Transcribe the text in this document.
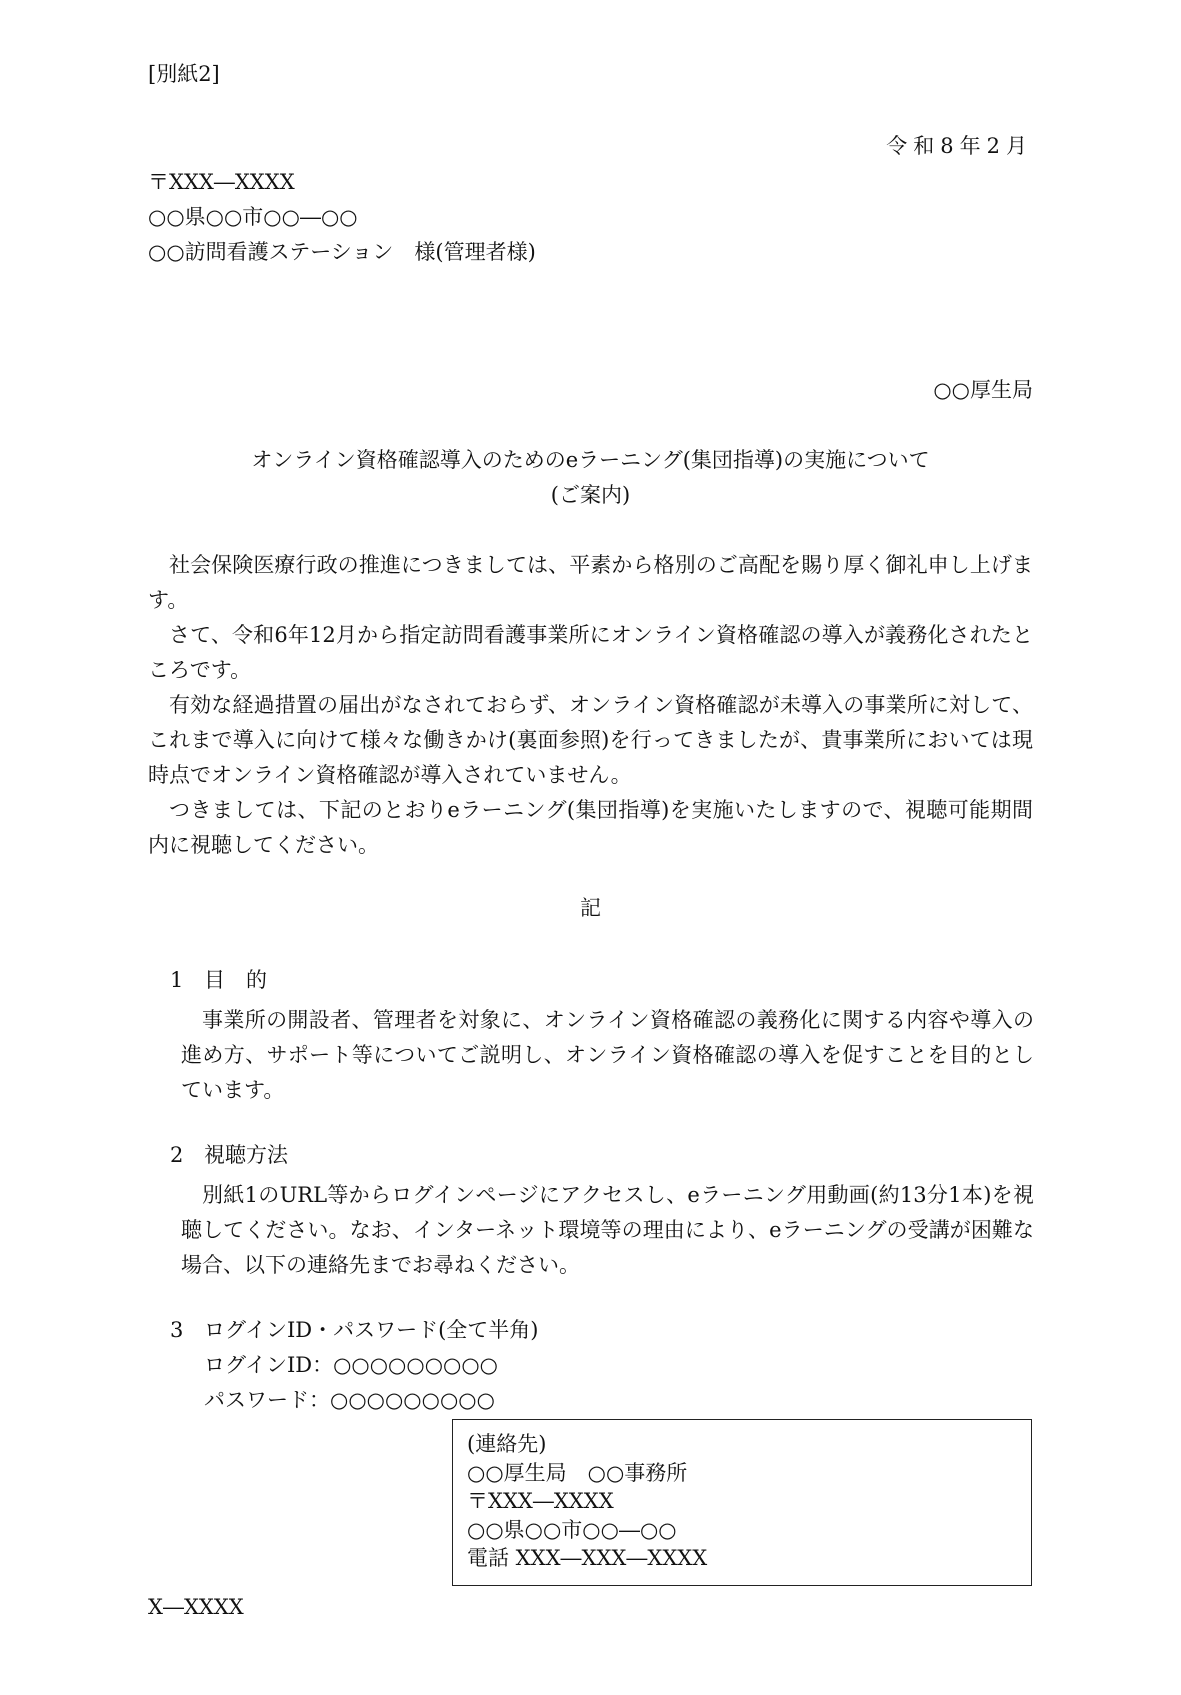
[別紙2]
令和8年2月
〒XXX―XXXX
○○県○○市○○―○○
○○訪問看護ステーション　様(管理者様)
○○厚生局
オンライン資格確認導入のためのeラーニング(集団指導)の実施について
(ご案内)

社会保険医療行政の推進につきましては、平素から格別のご高配を賜り厚く御礼申し上げます。

さて、令和6年12月から指定訪問看護事業所にオンライン資格確認の導入が義務化されたところです。

有効な経過措置の届出がなされておらず、オンライン資格確認が未導入の事業所に対して、これまで導入に向けて様々な働きかけ(裏面参照)を行ってきましたが、貴事業所においては現時点でオンライン資格確認が導入されていません。

つきましては、下記のとおりeラーニング(集団指導)を実施いたしますので、視聴可能期間内に視聴してください。

記
1 目　的

事業所の開設者、管理者を対象に、オンライン資格確認の義務化に関する内容や導入の進め方、サポート等についてご説明し、オンライン資格確認の導入を促すことを目的としています。

2 視聴方法

別紙1のURL等からログインページにアクセスし、eラーニング用動画(約13分1本)を視聴してください。なお、インターネット環境等の理由により、eラーニングの受講が困難な場合、以下の連絡先までお尋ねください。

3 ログインID・パスワード(全て半角)
ログインID：○○○○○○○○○
パスワード：○○○○○○○○○
(連絡先)
○○厚生局　○○事務所
〒XXX―XXXX
○○県○○市○○―○○
電話 XXX―XXX―XXXX
X―XXXX
